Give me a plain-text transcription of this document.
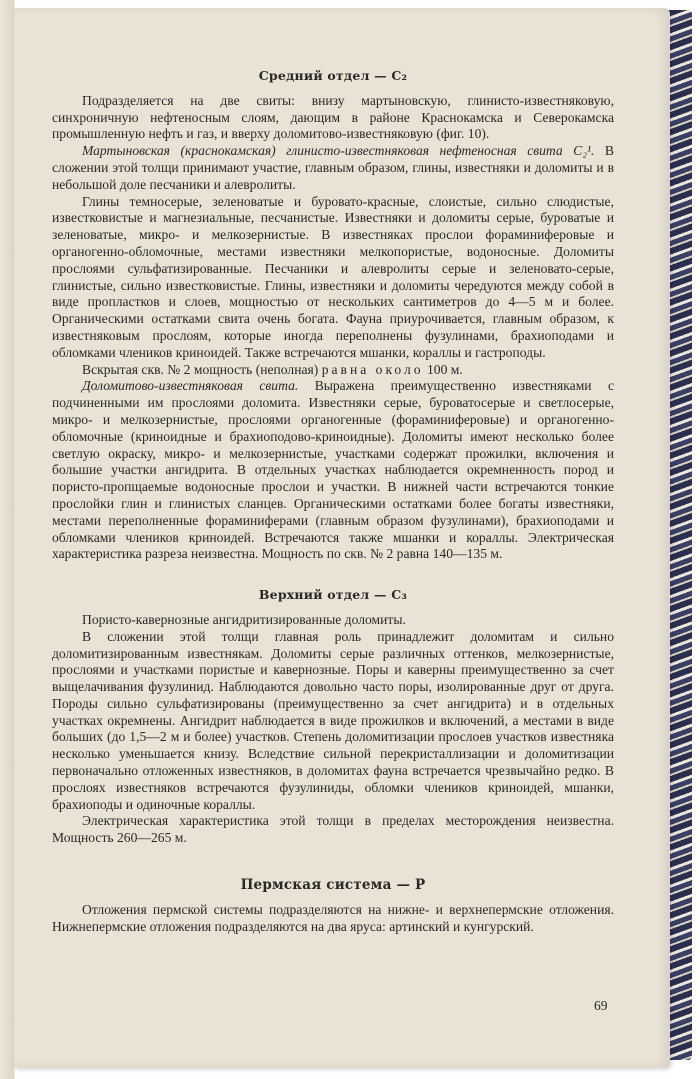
Средний отдел — C₂

Подразделяется на две свиты: внизу мартыновскую, глинисто-известняковую, синхроничную нефтеносным слоям, дающим в районе Краснокамска и Северокамска промышленную нефть и газ, и вверху доломитово-известняковую (фиг. 10).

Мартыновская (краснокамская) глинисто-известняковая нефтеносная свита C₂¹. В сложении этой толщи принимают участие, главным образом, глины, известняки и доломиты и в небольшой доле песчаники и алевролиты.

Глины темносерые, зеленоватые и буровато-красные, слоистые, сильно слюдистые, известковистые и магнезиальные, песчанистые. Известняки и доломиты серые, буроватые и зеленоватые, микро- и мелкозернистые. В известняках прослои фораминиферовые и органогенно-обломочные, местами известняки мелкопористые, водоносные. Доломиты прослоями сульфатизированные. Песчаники и алевролиты серые и зеленовато-серые, глинистые, сильно известковистые. Глины, известняки и доломиты чередуются между собой в виде пропластков и слоев, мощностью от нескольких сантиметров до 4—5 м и более. Органическими остатками свита очень богата. Фауна приурочивается, главным образом, к известняковым прослоям, которые иногда переполнены фузулинами, брахиоподами и обломками члеников криноидей. Также встречаются мшанки, кораллы и гастроподы.

Вскрытая скв. № 2 мощность (неполная) равна около 100 м.

Доломитово-известняковая свита. Выражена преимущественно известняками с подчиненными им прослоями доломита. Известняки серые, буроватосерые и светлосерые, микро- и мелкозернистые, прослоями органогенные (фораминиферовые) и органогенно-обломочные (криноидные и брахиоподово-криноидные). Доломиты имеют несколько более светлую окраску, микро- и мелкозернистые, участками содержат прожилки, включения и большие участки ангидрита. В отдельных участках наблюдается окремненность пород и пористо-пропщаемые водоносные прослои и участки. В нижней части встречаются тонкие прослойки глин и глинистых сланцев. Органическими остатками более богаты известняки, местами переполненные фораминиферами (главным образом фузулинами), брахиоподами и обломками члеников криноидей. Встречаются также мшанки и кораллы. Электрическая характеристика разреза неизвестна. Мощность по скв. № 2 равна 140—135 м.

Верхний отдел — C₃

Пористо-кавернозные ангидритизированные доломиты.

В сложении этой толщи главная роль принадлежит доломитам и сильно доломитизированным известнякам. Доломиты серые различных оттенков, мелкозернистые, прослоями и участками пористые и кавернозные. Поры и каверны преимущественно за счет выщелачивания фузулинид. Наблюдаются довольно часто поры, изолированные друг от друга. Породы сильно сульфатизированы (преимущественно за счет ангидрита) и в отдельных участках окремнены. Ангидрит наблюдается в виде прожилков и включений, а местами в виде больших (до 1,5—2 м и более) участков. Степень доломитизации прослоев участков известняка несколько уменьшается книзу. Вследствие сильной перекристаллизации и доломитизации первоначально отложенных известняков, в доломитах фауна встречается чрезвычайно редко. В прослоях известняков встречаются фузулиниды, обломки члеников криноидей, мшанки, брахиоподы и одиночные кораллы.

Электрическая характеристика этой толщи в пределах месторождения неизвестна. Мощность 260—265 м.

Пермская система — P

Отложения пермской системы подразделяются на нижне- и верхнепермские отложения. Нижнепермские отложения подразделяются на два яруса: артинский и кунгурский.

69
